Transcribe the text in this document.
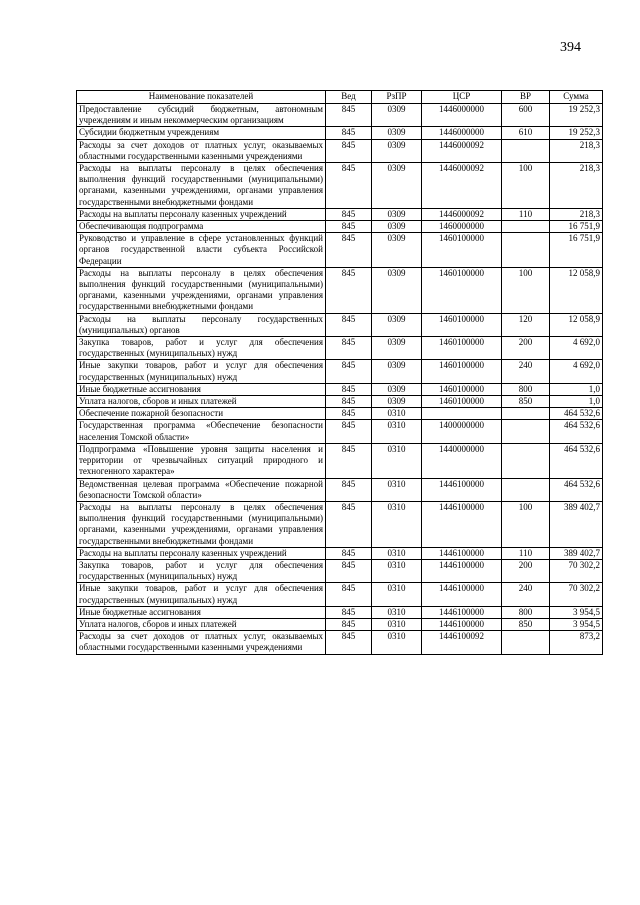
394
Наименование показателей	Вед	РзПР	ЦСР	ВР	Сумма
Предоставление субсидий бюджетным, автономным учреждениям и иным некоммерческим организациям	845	0309	1446000000	600	19 252,3
Субсидии бюджетным учреждениям	845	0309	1446000000	610	19 252,3
Расходы за счет доходов от платных услуг, оказываемых областными государственными казенными учреждениями	845	0309	1446000092		218,3
Расходы на выплаты персоналу в целях обеспечения выполнения функций государственными (муниципальными) органами, казенными учреждениями, органами управления государственными внебюджетными фондами	845	0309	1446000092	100	218,3
Расходы на выплаты персоналу казенных учреждений	845	0309	1446000092	110	218,3
Обеспечивающая подпрограмма	845	0309	1460000000		16 751,9
Руководство и управление в сфере установленных функций органов государственной власти субъекта Российской Федерации	845	0309	1460100000		16 751,9
Расходы на выплаты персоналу в целях обеспечения выполнения функций государственными (муниципальными) органами, казенными учреждениями, органами управления государственными внебюджетными фондами	845	0309	1460100000	100	12 058,9
Расходы на выплаты персоналу государственных (муниципальных) органов	845	0309	1460100000	120	12 058,9
Закупка товаров, работ и услуг для обеспечения государственных (муниципальных) нужд	845	0309	1460100000	200	4 692,0
Иные закупки товаров, работ и услуг для обеспечения государственных (муниципальных) нужд	845	0309	1460100000	240	4 692,0
Иные бюджетные ассигнования	845	0309	1460100000	800	1,0
Уплата налогов, сборов и иных платежей	845	0309	1460100000	850	1,0
Обеспечение пожарной безопасности	845	0310			464 532,6
Государственная программа «Обеспечение безопасности населения Томской области»	845	0310	1400000000		464 532,6
Подпрограмма «Повышение уровня защиты населения и территории от чрезвычайных ситуаций природного и техногенного характера»	845	0310	1440000000		464 532,6
Ведомственная целевая программа «Обеспечение пожарной безопасности Томской области»	845	0310	1446100000		464 532,6
Расходы на выплаты персоналу в целях обеспечения выполнения функций государственными (муниципальными) органами, казенными учреждениями, органами управления государственными внебюджетными фондами	845	0310	1446100000	100	389 402,7
Расходы на выплаты персоналу казенных учреждений	845	0310	1446100000	110	389 402,7
Закупка товаров, работ и услуг для обеспечения государственных (муниципальных) нужд	845	0310	1446100000	200	70 302,2
Иные закупки товаров, работ и услуг для обеспечения государственных (муниципальных) нужд	845	0310	1446100000	240	70 302,2
Иные бюджетные ассигнования	845	0310	1446100000	800	3 954,5
Уплата налогов, сборов и иных платежей	845	0310	1446100000	850	3 954,5
Расходы за счет доходов от платных услуг, оказываемых областными государственными казенными учреждениями	845	0310	1446100092		873,2
